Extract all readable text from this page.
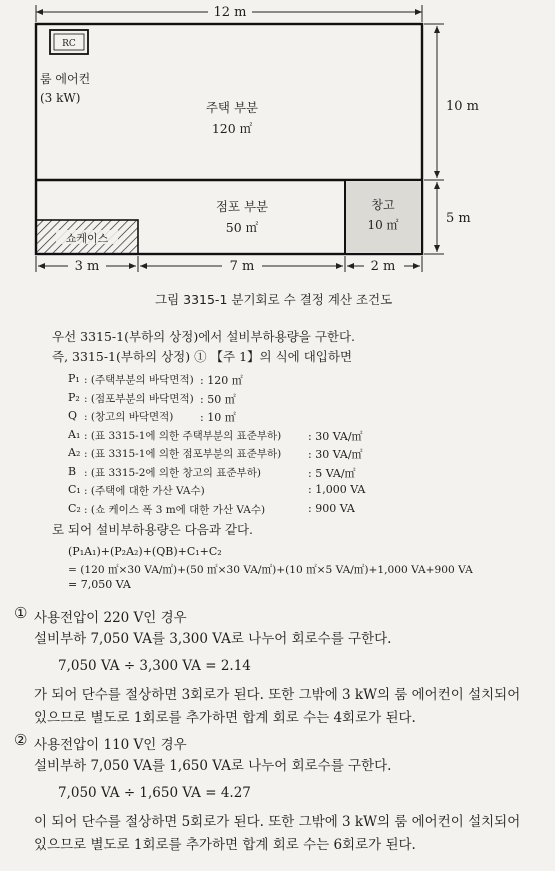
12 m
창고
10 ㎡
쇼케이스
RC
룸 에어컨
(3 kW)
주택 부분
120 ㎡
점포 부분
50 ㎡
10 m
5 m
3 m	7 m	2 m
그림 3315-1 분기회로 수 결정 계산 조건도
우선 3315-1(부하의 상정)에서 설비부하용량을 구한다.
즉, 3315-1(부하의 상정) ① 【주 1】의 식에 대입하면
P₁ : (주택부분의 바닥면적) : 120 ㎡
P₂ : (점포부분의 바닥면적) : 50 ㎡
Q : (창고의 바닥면적) : 10 ㎡
A₁ : (표 3315-1에 의한 주택부분의 표준부하) : 30 VA/㎡
A₂ : (표 3315-1에 의한 점포부분의 표준부하) : 30 VA/㎡
B : (표 3315-2에 의한 창고의 표준부하)	: 5 VA/㎡
C₁ : (주택에 대한 가산 VA수)	: 1,000 VA
C₂ : (쇼 케이스 폭 3 m에 대한 가산 VA수)	: 900 VA
로 되어 설비부하용량은 다음과 같다.
(P₁A₁)+(P₂A₂)+(QB)+C₁+C₂
= (120 ㎡×30 VA/㎡)+(50 ㎡×30 VA/㎡)+(10 ㎡×5 VA/㎡)+1,000 VA+900 VA
= 7,050 VA
① 사용전압이 220 V인 경우
설비부하 7,050 VA를 3,300 VA로 나누어 회로수를 구한다.
7,050 VA ÷ 3,300 VA = 2.14
가 되어 단수를 절상하면 3회로가 된다. 또한 그밖에 3 kW의 룸 에어컨이 설치되어
있으므로 별도로 1회로를 추가하면 합계 회로 수는 4회로가 된다.
② 사용전압이 110 V인 경우
설비부하 7,050 VA를 1,650 VA로 나누어 회로수를 구한다.
7,050 VA ÷ 1,650 VA = 4.27
이 되어 단수를 절상하면 5회로가 된다. 또한 그밖에 3 kW의 룸 에어컨이 설치되어
있으므로 별도로 1회로를 추가하면 합계 회로 수는 6회로가 된다.
